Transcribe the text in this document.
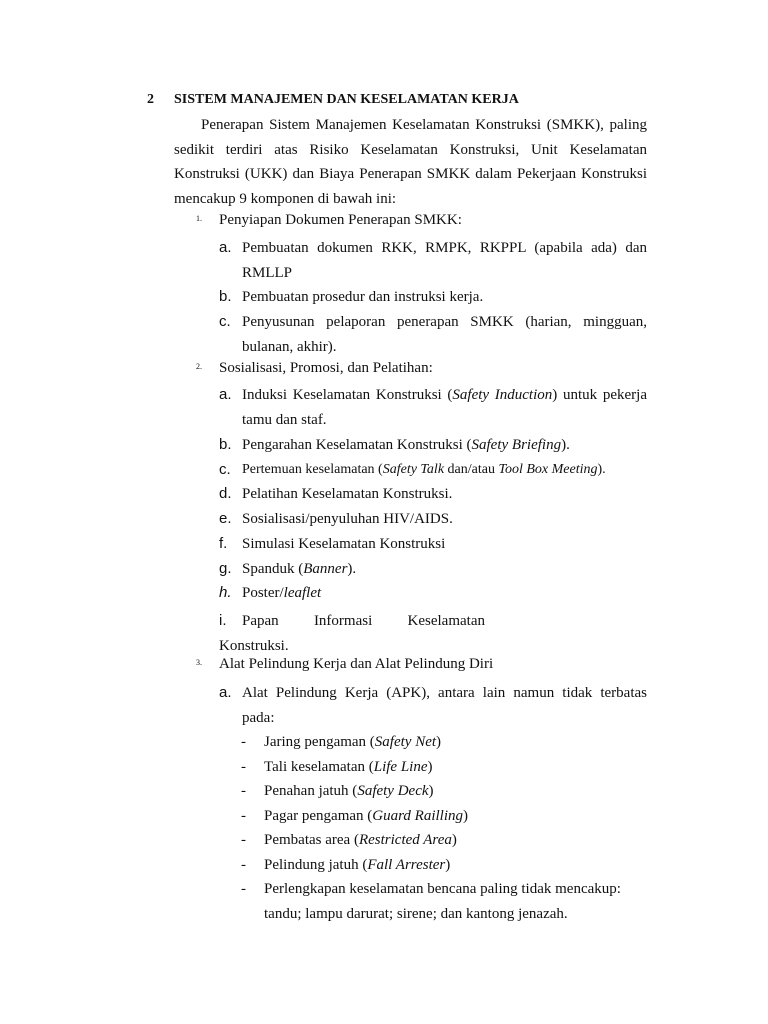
2 SISTEM MANAJEMEN DAN KESELAMATAN KERJA

Penerapan Sistem Manajemen Keselamatan Konstruksi (SMKK), paling sedikit terdiri atas Risiko Keselamatan Konstruksi, Unit Keselamatan Konstruksi (UKK) dan Biaya Penerapan SMKK dalam Pekerjaan Konstruksi mencakup 9 komponen di bawah ini:

1. Penyiapan Dokumen Penerapan SMKK:
a. Pembuatan dokumen RKK, RMPK, RKPPL (apabila ada) dan RMLLP
b. Pembuatan prosedur dan instruksi kerja.
c. Penyusunan pelaporan penerapan SMKK (harian, mingguan, bulanan, akhir).
2. Sosialisasi, Promosi, dan Pelatihan:
a. Induksi Keselamatan Konstruksi (Safety Induction) untuk pekerja tamu dan staf.
b. Pengarahan Keselamatan Konstruksi (Safety Briefing).
c. Pertemuan keselamatan (Safety Talk dan/atau Tool Box Meeting).
d. Pelatihan Keselamatan Konstruksi.
e. Sosialisasi/penyuluhan HIV/AIDS.
f. Simulasi Keselamatan Konstruksi
g. Spanduk (Banner).
h. Poster/leaflet
i. Papan Informasi Keselamatan
Konstruksi.
3. Alat Pelindung Kerja dan Alat Pelindung Diri
a. Alat Pelindung Kerja (APK), antara lain namun tidak terbatas pada:
- Jaring pengaman (Safety Net)
- Tali keselamatan (Life Line)
- Penahan jatuh (Safety Deck)
- Pagar pengaman (Guard Railling)
- Pembatas area (Restricted Area)
- Pelindung jatuh (Fall Arrester)
- Perlengkapan keselamatan bencana paling tidak mencakup: tandu; lampu darurat; sirene; dan kantong jenazah.
